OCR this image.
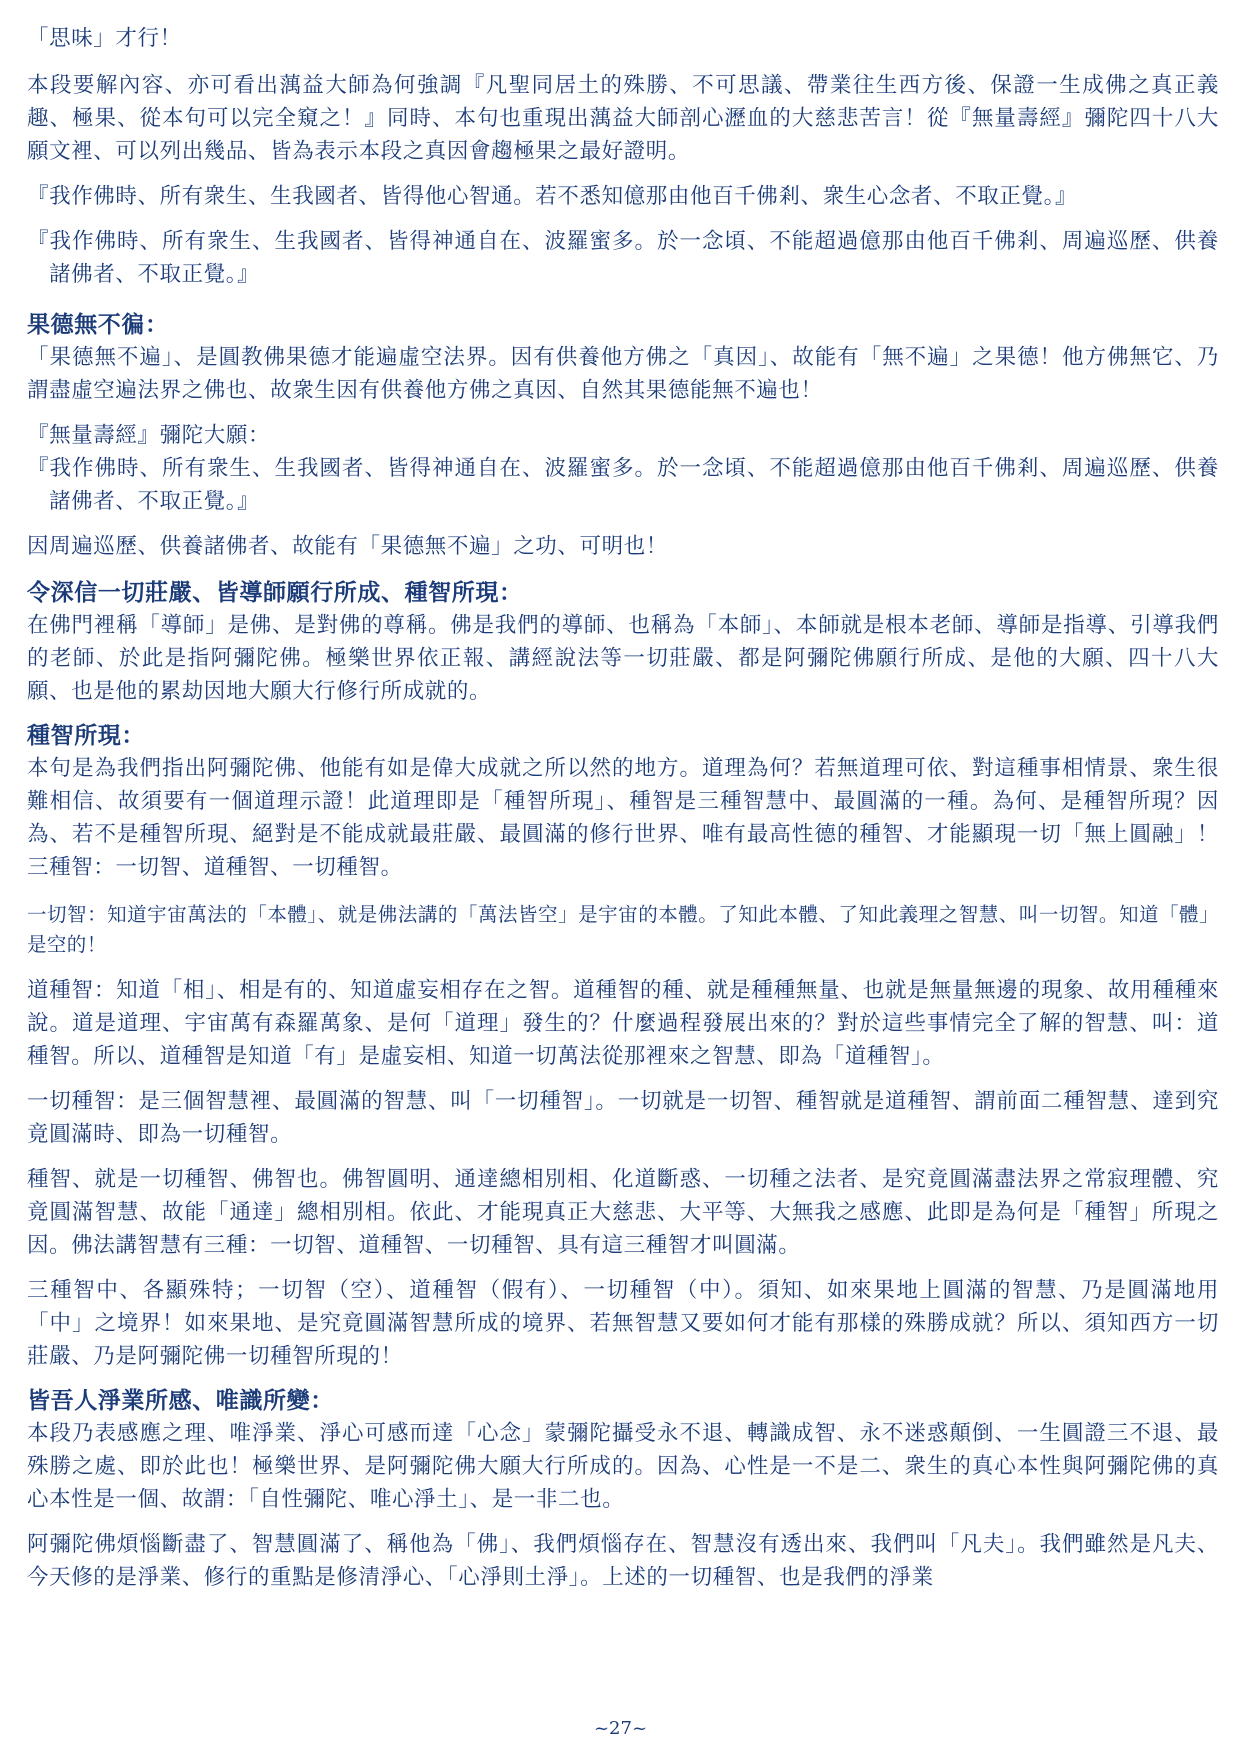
「思味」才行！

本段要解內容、亦可看出蕅益大師為何強調『凡聖同居土的殊勝、不可思議、帶業往生西方後、保證一生成佛之真正義趣、極果、從本句可以完全窺之！』同時、本句也重現出蕅益大師剖心瀝血的大慈悲苦言！從『無量壽經』彌陀四十八大願文裡、可以列出幾品、皆為表示本段之真因會趨極果之最好證明。

『我作佛時、所有衆生、生我國者、皆得他心智通。若不悉知億那由他百千佛剎、衆生心念者、不取正覺。』

『我作佛時、所有衆生、生我國者、皆得神通自在、波羅蜜多。於一念頃、不能超過億那由他百千佛剎、周遍巡歷、供養諸佛者、不取正覺。』

果德無不徧：

「果德無不遍」、是圓教佛果德才能遍虛空法界。因有供養他方佛之「真因」、故能有「無不遍」之果德！他方佛無它、乃謂盡虛空遍法界之佛也、故衆生因有供養他方佛之真因、自然其果德能無不遍也！

『無量壽經』彌陀大願：

『我作佛時、所有衆生、生我國者、皆得神通自在、波羅蜜多。於一念頃、不能超過億那由他百千佛剎、周遍巡歷、供養諸佛者、不取正覺。』

因周遍巡歷、供養諸佛者、故能有「果德無不遍」之功、可明也！

令深信一切莊嚴、皆導師願行所成、種智所現：

在佛門裡稱「導師」是佛、是對佛的尊稱。佛是我們的導師、也稱為「本師」、本師就是根本老師、導師是指導、引導我們的老師、於此是指阿彌陀佛。極樂世界依正報、講經說法等一切莊嚴、都是阿彌陀佛願行所成、是他的大願、四十八大願、也是他的累劫因地大願大行修行所成就的。

種智所現：

本句是為我們指出阿彌陀佛、他能有如是偉大成就之所以然的地方。道理為何？若無道理可依、對這種事相情景、衆生很難相信、故須要有一個道理示證！此道理即是「種智所現」、種智是三種智慧中、最圓滿的一種。為何、是種智所現？因為、若不是種智所現、絕對是不能成就最莊嚴、最圓滿的修行世界、唯有最高性德的種智、才能顯現一切「無上圓融」！三種智：一切智、道種智、一切種智。

一切智：知道宇宙萬法的「本體」、就是佛法講的「萬法皆空」是宇宙的本體。了知此本體、了知此義理之智慧、叫一切智。知道「體」是空的！

道種智：知道「相」、相是有的、知道虛妄相存在之智。道種智的種、就是種種無量、也就是無量無邊的現象、故用種種來說。道是道理、宇宙萬有森羅萬象、是何「道理」發生的？什麼過程發展出來的？對於這些事情完全了解的智慧、叫：道種智。所以、道種智是知道「有」是虛妄相、知道一切萬法從那裡來之智慧、即為「道種智」。

一切種智：是三個智慧裡、最圓滿的智慧、叫「一切種智」。一切就是一切智、種智就是道種智、謂前面二種智慧、達到究竟圓滿時、即為一切種智。

種智、就是一切種智、佛智也。佛智圓明、通達總相別相、化道斷惑、一切種之法者、是究竟圓滿盡法界之常寂理體、究竟圓滿智慧、故能「通達」總相別相。依此、才能現真正大慈悲、大平等、大無我之感應、此即是為何是「種智」所現之因。佛法講智慧有三種：一切智、道種智、一切種智、具有這三種智才叫圓滿。

三種智中、各顯殊特；一切智（空）、道種智（假有）、一切種智（中）。須知、如來果地上圓滿的智慧、乃是圓滿地用「中」之境界！如來果地、是究竟圓滿智慧所成的境界、若無智慧又要如何才能有那樣的殊勝成就？所以、須知西方一切莊嚴、乃是阿彌陀佛一切種智所現的！

皆吾人淨業所感、唯識所變：

本段乃表感應之理、唯淨業、淨心可感而達「心念」蒙彌陀攝受永不退、轉識成智、永不迷惑顛倒、一生圓證三不退、最殊勝之處、即於此也！極樂世界、是阿彌陀佛大願大行所成的。因為、心性是一不是二、衆生的真心本性與阿彌陀佛的真心本性是一個、故謂：「自性彌陀、唯心淨土」、是一非二也。

阿彌陀佛煩惱斷盡了、智慧圓滿了、稱他為「佛」、我們煩惱存在、智慧沒有透出來、我們叫「凡夫」。我們雖然是凡夫、今天修的是淨業、修行的重點是修清淨心、「心淨則土淨」。上述的一切種智、也是我們的淨業

~27~
